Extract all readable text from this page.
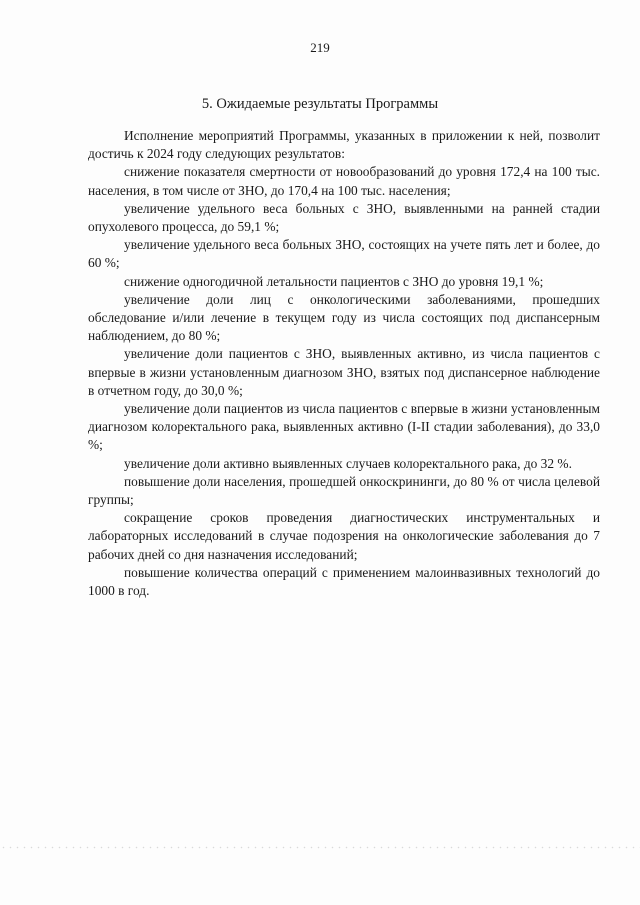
219
5. Ожидаемые результаты Программы

Исполнение мероприятий Программы, указанных в приложении к ней, позволит достичь к 2024 году следующих результатов:

снижение показателя смертности от новообразований до уровня 172,4 на 100 тыс. населения, в том числе от ЗНО, до 170,4 на 100 тыс. населения;

увеличение удельного веса больных с ЗНО, выявленными на ранней стадии опухолевого процесса, до 59,1 %;

увеличение удельного веса больных ЗНО, состоящих на учете пять лет и более, до 60 %;

снижение одногодичной летальности пациентов с ЗНО до уровня 19,1 %;

увеличение доли лиц с онкологическими заболеваниями, прошедших обследование и/или лечение в текущем году из числа состоящих под диспансерным наблюдением, до 80 %;

увеличение доли пациентов с ЗНО, выявленных активно, из числа пациентов с впервые в жизни установленным диагнозом ЗНО, взятых под диспансерное наблюдение в отчетном году, до 30,0 %;

увеличение доли пациентов из числа пациентов с впервые в жизни установленным диагнозом колоректального рака, выявленных активно (I-II стадии заболевания), до 33,0 %;

увеличение доли активно выявленных случаев колоректального рака, до 32 %.

повышение доли населения, прошедшей онкоскрининги, до 80 % от числа целевой группы;

сокращение сроков проведения диагностических инструментальных и лабораторных исследований в случае подозрения на онкологические заболевания до 7 рабочих дней со дня назначения исследований;

повышение количества операций с применением малоинвазивных технологий до 1000 в год.
